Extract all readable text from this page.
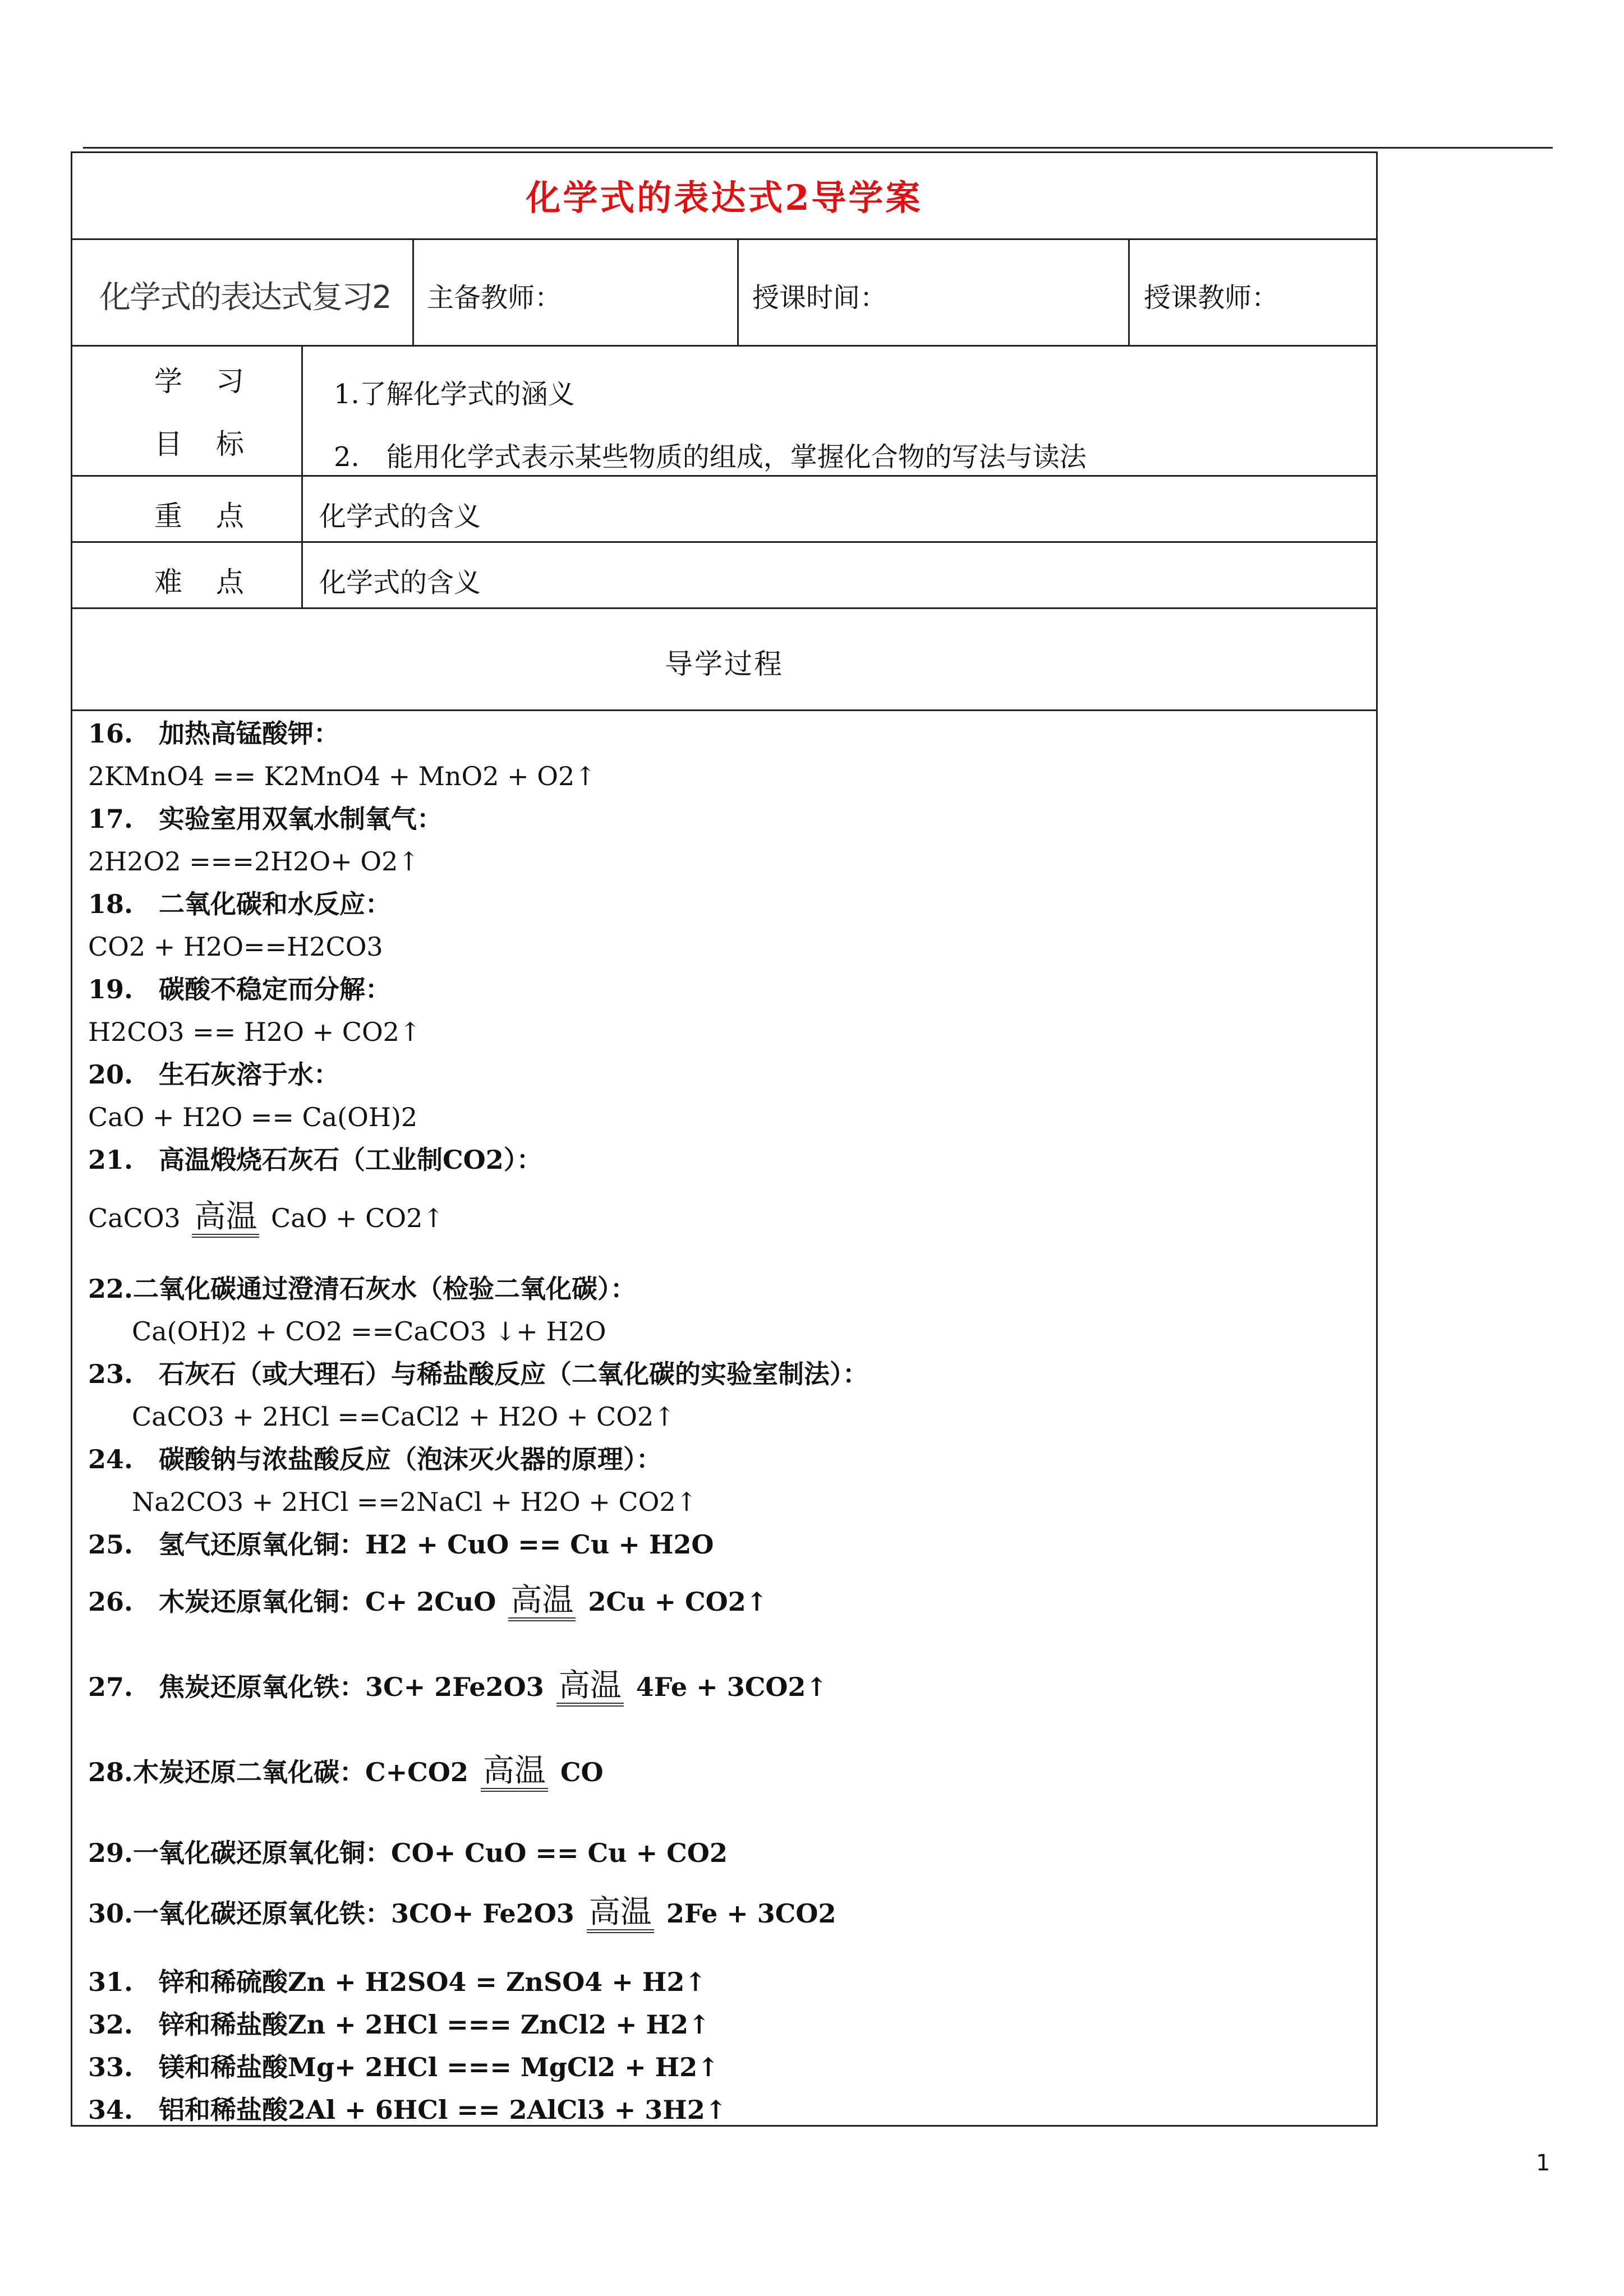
化学式的表达式2导学案
化学式的表达式复习2 主备教师：	授课时间：	授课教师：
学 习
目 标
1.了解化学式的涵义
2.　能用化学式表示某些物质的组成，掌握化合物的写法与读法
重 点 化学式的含义
难 点 化学式的含义
导学过程
16.　加热高锰酸钾：
2KMnO4 == K2MnO4 + MnO2 + O2↑
17.　实验室用双氧水制氧气：
2H2O2 ===2H2O+ O2↑
18.　二氧化碳和水反应：
CO2 + H2O==H2CO3
19.　碳酸不稳定而分解：
H2CO3 == H2O + CO2↑
20.　生石灰溶于水：
CaO + H2O == Ca(OH)2
21.　高温煅烧石灰石（工业制CO2）：
CaCO3 高温 CaO + CO2↑
22.二氧化碳通过澄清石灰水（检验二氧化碳）：
Ca(OH)2 + CO2 ==CaCO3 ↓+ H2O
23.　石灰石（或大理石）与稀盐酸反应（二氧化碳的实验室制法）：
CaCO3 + 2HCl ==CaCl2 + H2O + CO2↑
24.　碳酸钠与浓盐酸反应（泡沫灭火器的原理）：
Na2CO3 + 2HCl ==2NaCl + H2O + CO2↑
25.　氢气还原氧化铜：H2 + CuO == Cu + H2O
26.　木炭还原氧化铜：C+ 2CuO 高温 2Cu + CO2↑
27.　焦炭还原氧化铁：3C+ 2Fe2O3 高温 4Fe + 3CO2↑
28.木炭还原二氧化碳：C+CO2 高温 CO
29.一氧化碳还原氧化铜：CO+ CuO == Cu + CO2
30.一氧化碳还原氧化铁：3CO+ Fe2O3 高温 2Fe + 3CO2
31.　锌和稀硫酸Zn + H2SO4 = ZnSO4 + H2↑
32.　锌和稀盐酸Zn + 2HCl === ZnCl2 + H2↑
33.　镁和稀盐酸Mg+ 2HCl === MgCl2 + H2↑
34.　铝和稀盐酸2Al + 6HCl == 2AlCl3 + 3H2↑
1
